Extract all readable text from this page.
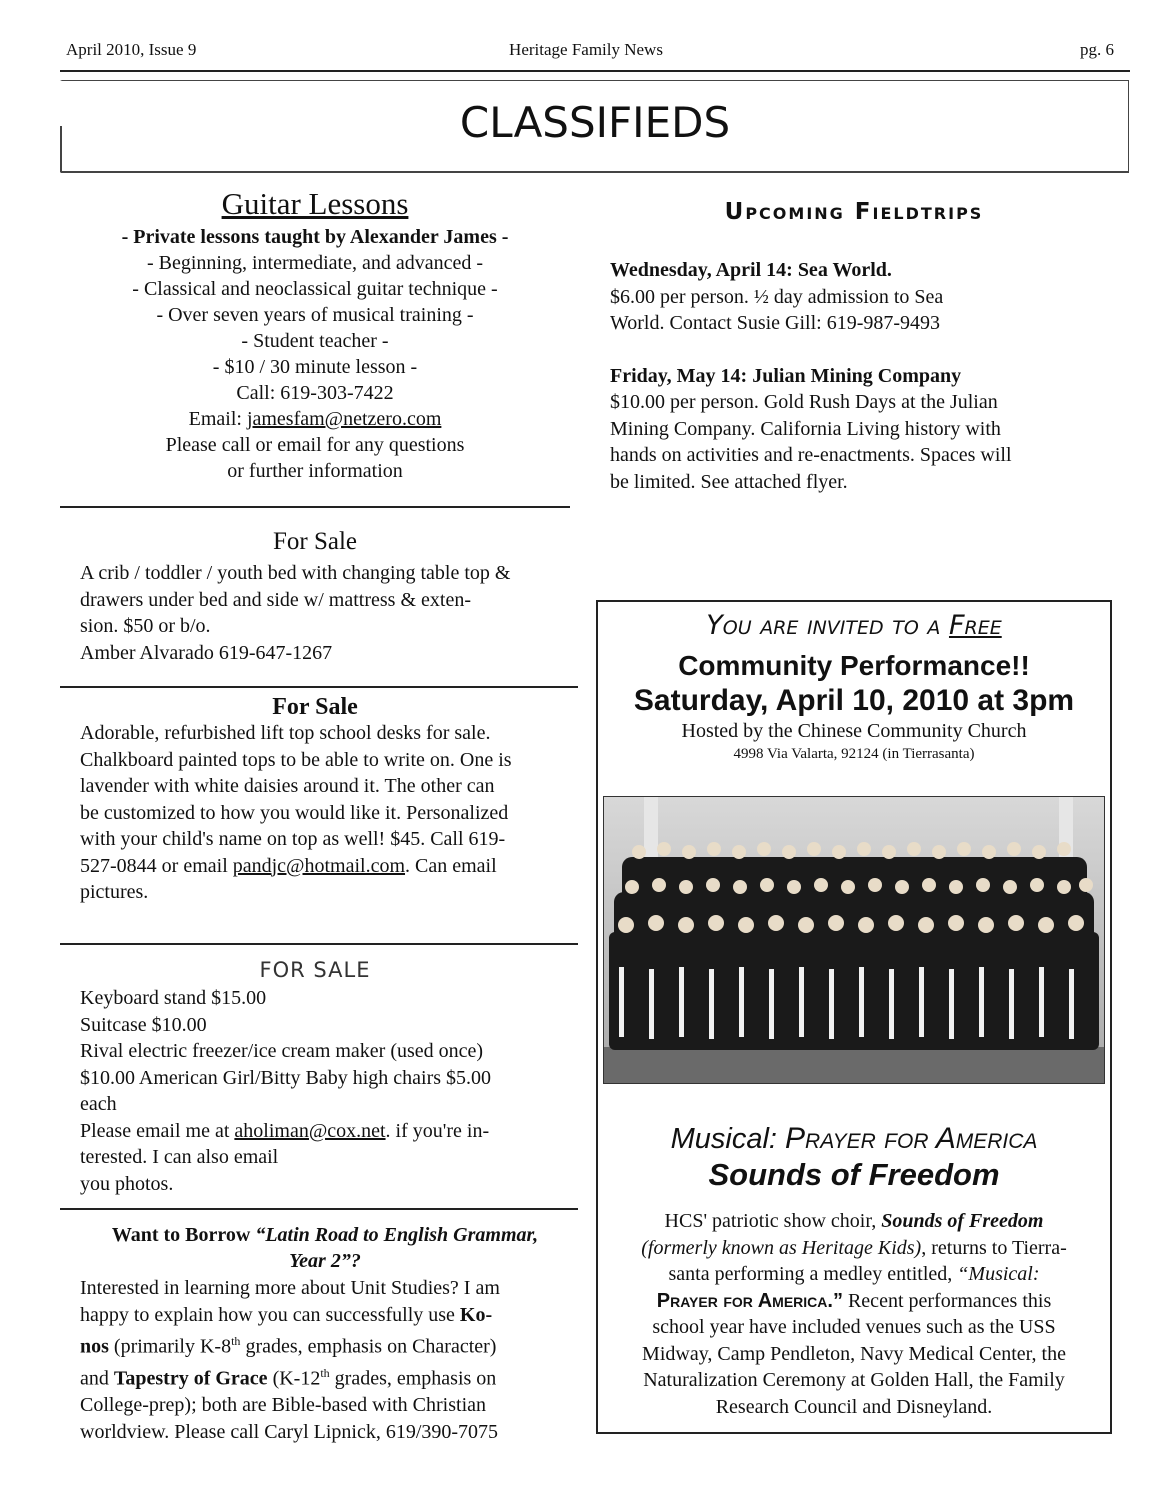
April 2010, Issue 9	Heritage Family News	pg. 6
CLASSIFIEDS
Guitar Lessons
- Private lessons taught by Alexander James -
- Beginning, intermediate, and advanced -
- Classical and neoclassical guitar technique -
- Over seven years of musical training -
- Student teacher -
- $10 / 30 minute lesson -
Call: 619-303-7422
Email: jamesfam@netzero.com
Please call or email for any questions
or further information
For Sale
A crib / toddler / youth bed with changing table top &
drawers under bed and side w/ mattress & exten-
sion. $50 or b/o.
Amber Alvarado 619-647-1267
For Sale
Adorable, refurbished lift top school desks for sale.
Chalkboard painted tops to be able to write on. One is
lavender with white daisies around it. The other can
be customized to how you would like it. Personalized
with your child's name on top as well! $45. Call 619-
527-0844 or email pandjc@hotmail.com. Can email
pictures.
FOR SALE
Keyboard stand $15.00
Suitcase $10.00
Rival electric freezer/ice cream maker (used once)
$10.00 American Girl/Bitty Baby high chairs $5.00
each
Please email me at aholiman@cox.net. if you're in-
terested. I can also email
you photos.
Want to Borrow “Latin Road to English Grammar,
Year 2”?
Interested in learning more about Unit Studies? I am
happy to explain how you can successfully use Ko-
nos (primarily K-8th grades, emphasis on Character)
and Tapestry of Grace (K-12th grades, emphasis on
College-prep); both are Bible-based with Christian
worldview. Please call Caryl Lipnick, 619/390-7075
Upcoming Fieldtrips
Wednesday, April 14: Sea World.
$6.00 per person. ½ day admission to Sea
World. Contact Susie Gill: 619-987-9493
Friday, May 14: Julian Mining Company
$10.00 per person. Gold Rush Days at the Julian
Mining Company. California Living history with
hands on activities and re-enactments. Spaces will
be limited. See attached flyer.
You are invited to a Free
Community Performance!!
Saturday, April 10, 2010 at 3pm
Hosted by the Chinese Community Church
4998 Via Valarta, 92124 (in Tierrasanta)
Musical: Prayer for America
Sounds of Freedom
HCS' patriotic show choir, Sounds of Freedom
(formerly known as Heritage Kids), returns to Tierra-
santa performing a medley entitled, “Musical:
Prayer for America.” Recent performances this
school year have included venues such as the USS
Midway, Camp Pendleton, Navy Medical Center, the
Naturalization Ceremony at Golden Hall, the Family
Research Council and Disneyland.
